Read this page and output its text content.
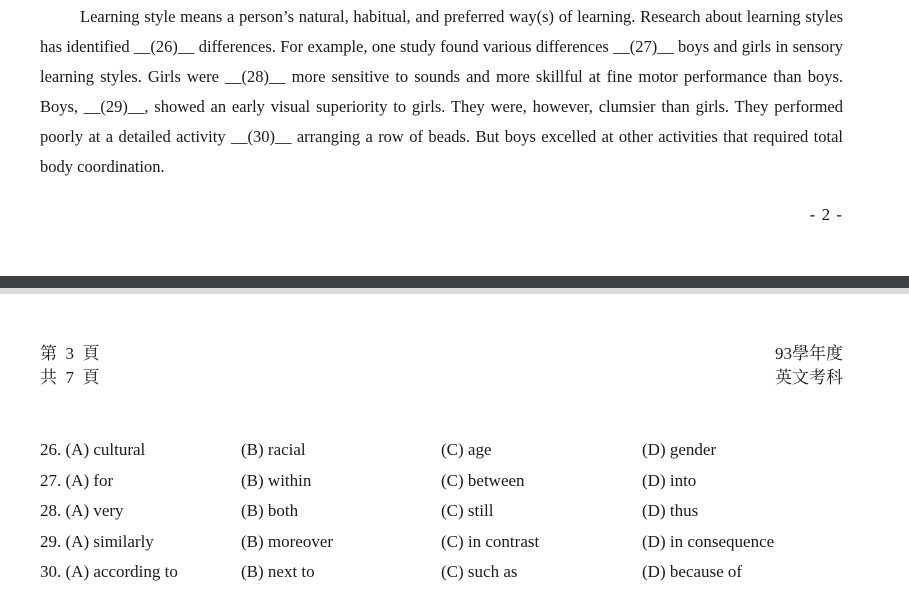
Learning style means a person’s natural, habitual, and preferred way(s) of learning. Research about learning styles has identified __(26)__ differences. For example, one study found various differences __(27)__ boys and girls in sensory learning styles. Girls were __(28)__ more sensitive to sounds and more skillful at fine motor performance than boys. Boys, __(29)__, showed an early visual superiority to girls. They were, however, clumsier than girls. They performed poorly at a detailed activity __(30)__ arranging a row of beads. But boys excelled at other activities that required total body coordination.

- 2 -
第  3  頁
共  7  頁
93學年度
英文考科
26. (A) cultural	(B) racial	(C) age	(D) gender
27. (A) for	(B) within	(C) between	(D) into
28. (A) very	(B) both	(C) still	(D) thus
29. (A) similarly	(B) moreover	(C) in contrast	(D) in consequence
30. (A) according to	(B) next to	(C) such as	(D) because of
